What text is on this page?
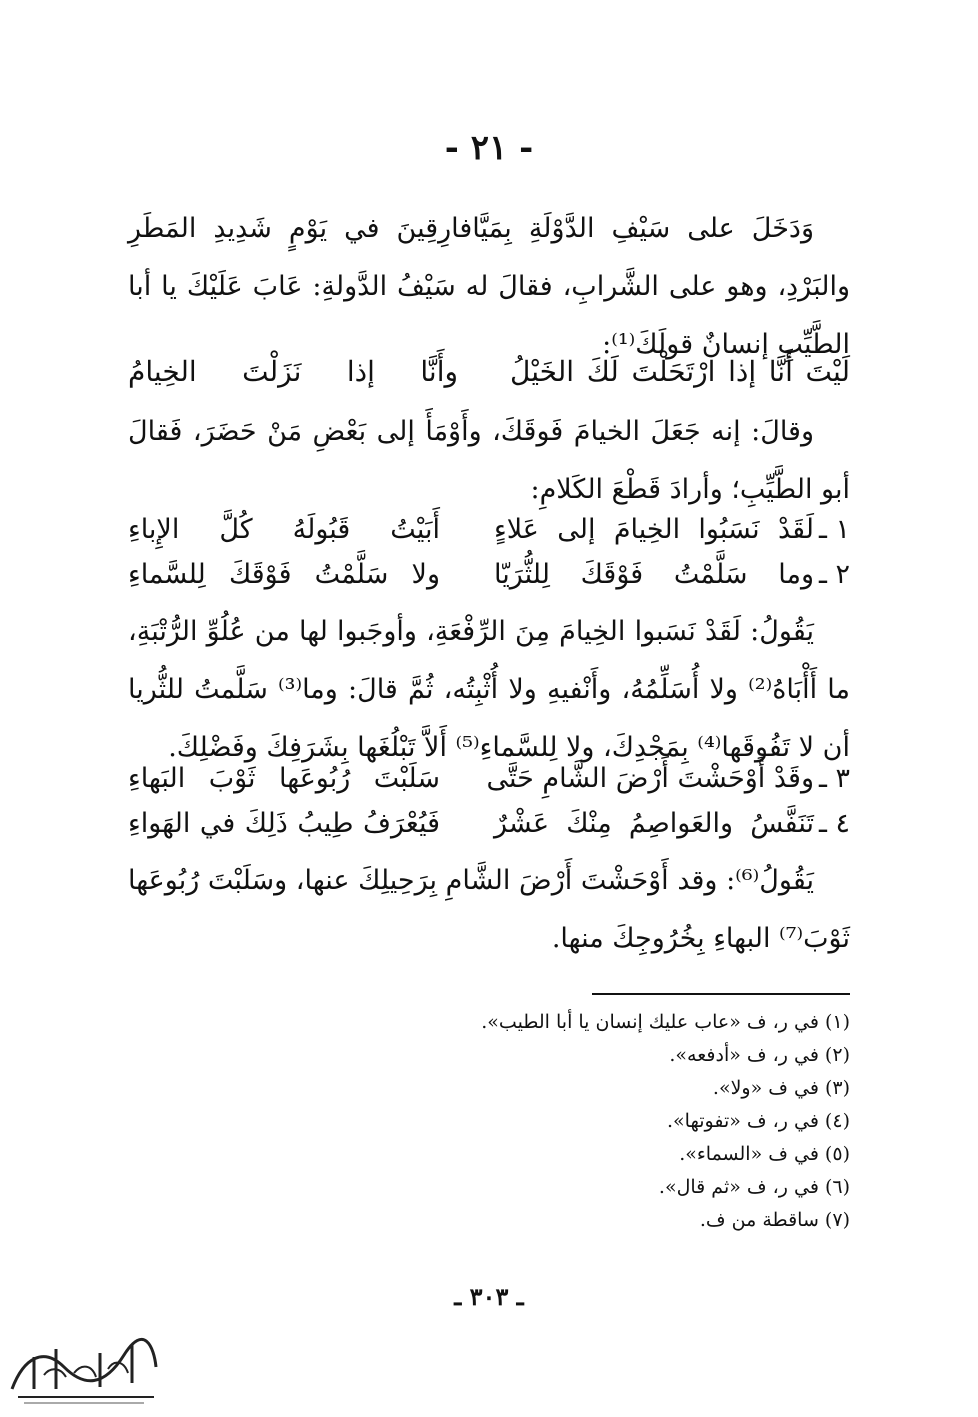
- ٢١ -

وَدَخَلَ على سَيْفِ الدَّوْلَةِ بِمَيَّافارِقِينَ في يَوْمٍ شَدِيدِ المَطَرِ والبَرْدِ، وهو على الشَّرابِ، فقالَ له سَيْفُ الدَّولةِ: عَابَ عَلَيْكَ يا أبا الطَّيِّبِ إنسانٌ قولَكَ⁽¹⁾:

لَيْتَ أَنَّا إذا ارْتَحَلْتَ لَكَ الخَيْلُ
وأَنَّا إذا نَزَلْتَ الخِيامُ

وقالَ: إنه جَعَلَ الخيامَ فَوقَكَ، وأَوْمَأَ إلى بَعْضِ مَنْ حَضَرَ، فَقالَ أبو الطَّيِّبِ؛ وأرادَ قَطْعَ الكَلامِ:

١ ـ
لَقَدْ نَسَبُوا الخِيامَ إلى عَلاءٍ
أَبَيْتُ قَبُولَهُ كُلَّ الإِباءِ
٢ ـ
وما سَلَّمْتُ فَوْقَكَ لِلثُّرَيّا
ولا سَلَّمْتُ فَوْقَكَ لِلسَّماءِ

يَقُولُ: لَقَدْ نَسَبوا الخِيامَ مِنَ الرِّفْعَةِ، وأوجَبوا لها من عُلُوِّ الرُّتْبَةِ، ما أَأْبَاهُ⁽²⁾ ولا أُسَلِّمُهُ، وأَنْفيهِ ولا أُثْبِتُه، ثُمَّ قالَ: وما⁽³⁾ سَلَّمتُ للثُّريا أن لا تَفُوقَها⁽⁴⁾ بِمَجْدِكَ، ولا لِلسَّماءِ⁽⁵⁾ أَلاَّ تَبْلُغَها بِشَرَفِكَ وفَضْلِكَ.

٣ ـ
وقَدْ أَوْحَشْتَ أَرْضَ الشَّامِ حَتَّى
سَلَبْتَ رُبُوعَها ثَوْبَ البَهاءِ
٤ ـ
تَنَفَّسُ والعَواصِمُ مِنْكَ عَشْرٌ
فَيُعْرَفُ طِيبُ ذَلِكَ في الهَواءِ

يَقُولُ⁽⁶⁾: وقد أَوْحَشْتَ أَرْضَ الشَّامِ بِرَحِيلِكَ عنها، وسَلَبْتَ رُبُوعَها ثَوْبَ⁽⁷⁾ البهاءِ بِخُرُوجِكَ منها.

(١) في ر، ف «عاب عليك إنسان يا أبا الطيب».
(٢) في ر، ف «أدفعه».
(٣) في ف «ولا».
(٤) في ر، ف «تفوتها».
(٥) في ف «السماء».
(٦) في ر، ف «ثم قال».
(٧) ساقطة من ف.
ـ ٣٠٣ ـ
